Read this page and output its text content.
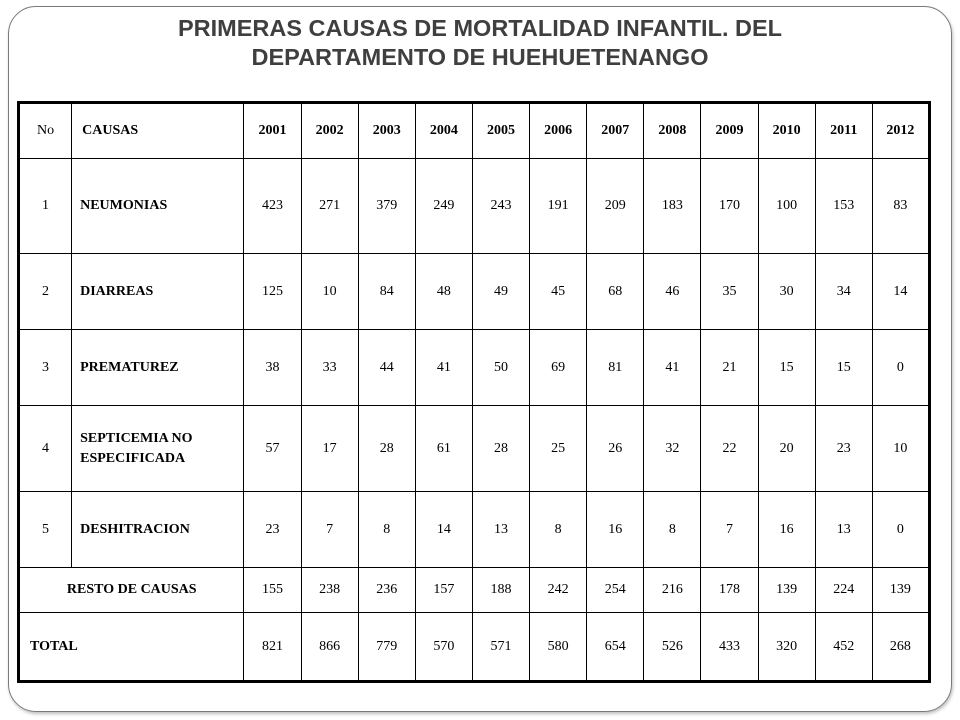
PRIMERAS CAUSAS DE MORTALIDAD INFANTIL. DEL
DEPARTAMENTO DE HUEHUETENANGO
No	CAUSAS	2001	2002	2003	2004	2005	2006	2007	2008	2009	2010	2011	2012
1	NEUMONIAS	423	271	379	249	243	191	209	183	170	100	153	83
2	DIARREAS	125	10	84	48	49	45	68	46	35	30	34	14
3	PREMATUREZ	38	33	44	41	50	69	81	41	21	15	15	0
4	SEPTICEMIA NO ESPECIFICADA	57	17	28	61	28	25	26	32	22	20	23	10
5	DESHITRACION	23	7	8	14	13	8	16	8	7	16	13	0
RESTO DE CAUSAS		155	238	236	157	188	242	254	216	178	139	224	139
TOTAL		821	866	779	570	571	580	654	526	433	320	452	268
